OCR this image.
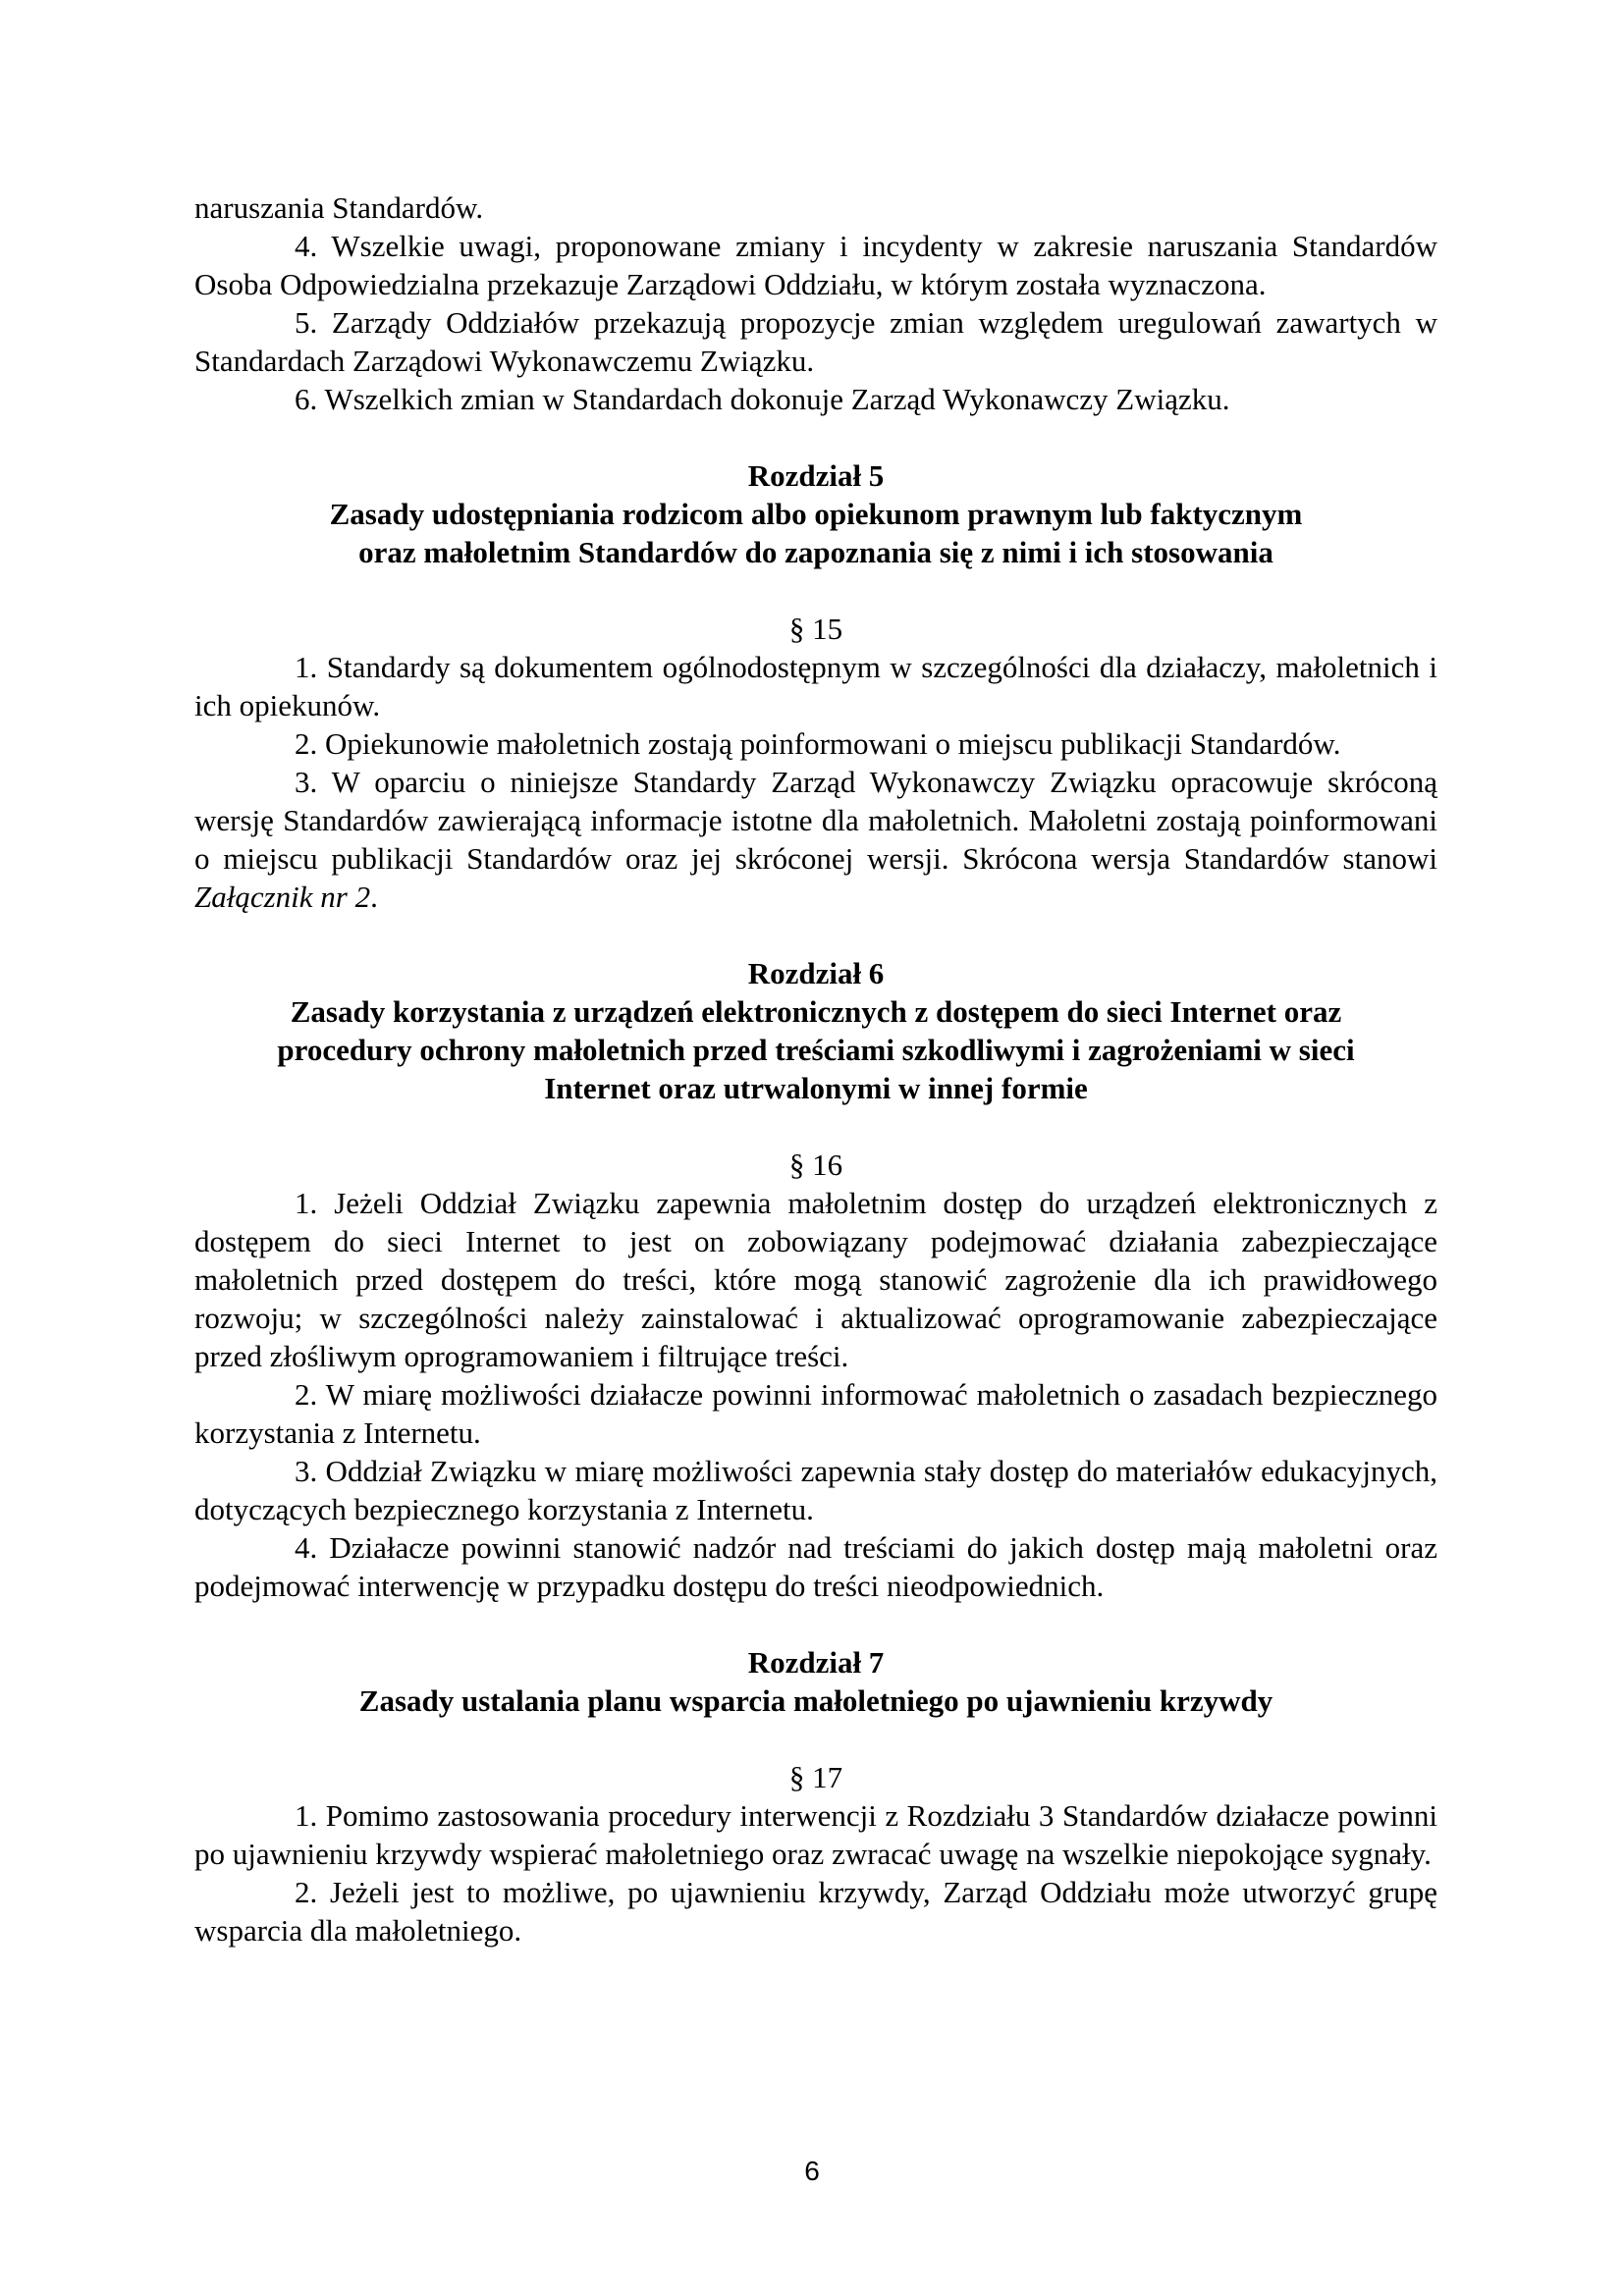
naruszania Standardów.

4. Wszelkie uwagi, proponowane zmiany i incydenty w zakresie naruszania Standardów Osoba Odpowiedzialna przekazuje Zarządowi Oddziału, w którym została wyznaczona.

5. Zarządy Oddziałów przekazują propozycje zmian względem uregulowań zawartych w Standardach Zarządowi Wykonawczemu Związku.

6. Wszelkich zmian w Standardach dokonuje Zarząd Wykonawczy Związku.

Rozdział 5
Zasady udostępniania rodzicom albo opiekunom prawnym lub faktycznym
oraz małoletnim Standardów do zapoznania się z nimi i ich stosowania
§ 15

1. Standardy są dokumentem ogólnodostępnym w szczególności dla działaczy, małoletnich i ich opiekunów.

2. Opiekunowie małoletnich zostają poinformowani o miejscu publikacji Standardów.

3. W oparciu o niniejsze Standardy Zarząd Wykonawczy Związku opracowuje skróconą wersję Standardów zawierającą informacje istotne dla małoletnich. Małoletni zostają poinformowani o miejscu publikacji Standardów oraz jej skróconej wersji. Skrócona wersja Standardów stanowi Załącznik nr 2.

Rozdział 6
Zasady korzystania z urządzeń elektronicznych z dostępem do sieci Internet oraz
procedury ochrony małoletnich przed treściami szkodliwymi i zagrożeniami w sieci
Internet oraz utrwalonymi w innej formie
§ 16

1. Jeżeli Oddział Związku zapewnia małoletnim dostęp do urządzeń elektronicznych z dostępem do sieci Internet to jest on zobowiązany podejmować działania zabezpieczające małoletnich przed dostępem do treści, które mogą stanowić zagrożenie dla ich prawidłowego rozwoju; w szczególności należy zainstalować i aktualizować oprogramowanie zabezpieczające przed złośliwym oprogramowaniem i filtrujące treści.

2. W miarę możliwości działacze powinni informować małoletnich o zasadach bezpiecznego korzystania z Internetu.

3. Oddział Związku w miarę możliwości zapewnia stały dostęp do materiałów edukacyjnych, dotyczących bezpiecznego korzystania z Internetu.

4. Działacze powinni stanowić nadzór nad treściami do jakich dostęp mają małoletni oraz podejmować interwencję w przypadku dostępu do treści nieodpowiednich.

Rozdział 7
Zasady ustalania planu wsparcia małoletniego po ujawnieniu krzywdy
§ 17

1. Pomimo zastosowania procedury interwencji z Rozdziału 3 Standardów działacze powinni po ujawnieniu krzywdy wspierać małoletniego oraz zwracać uwagę na wszelkie niepokojące sygnały.

2. Jeżeli jest to możliwe, po ujawnieniu krzywdy, Zarząd Oddziału może utworzyć grupę wsparcia dla małoletniego.

6
